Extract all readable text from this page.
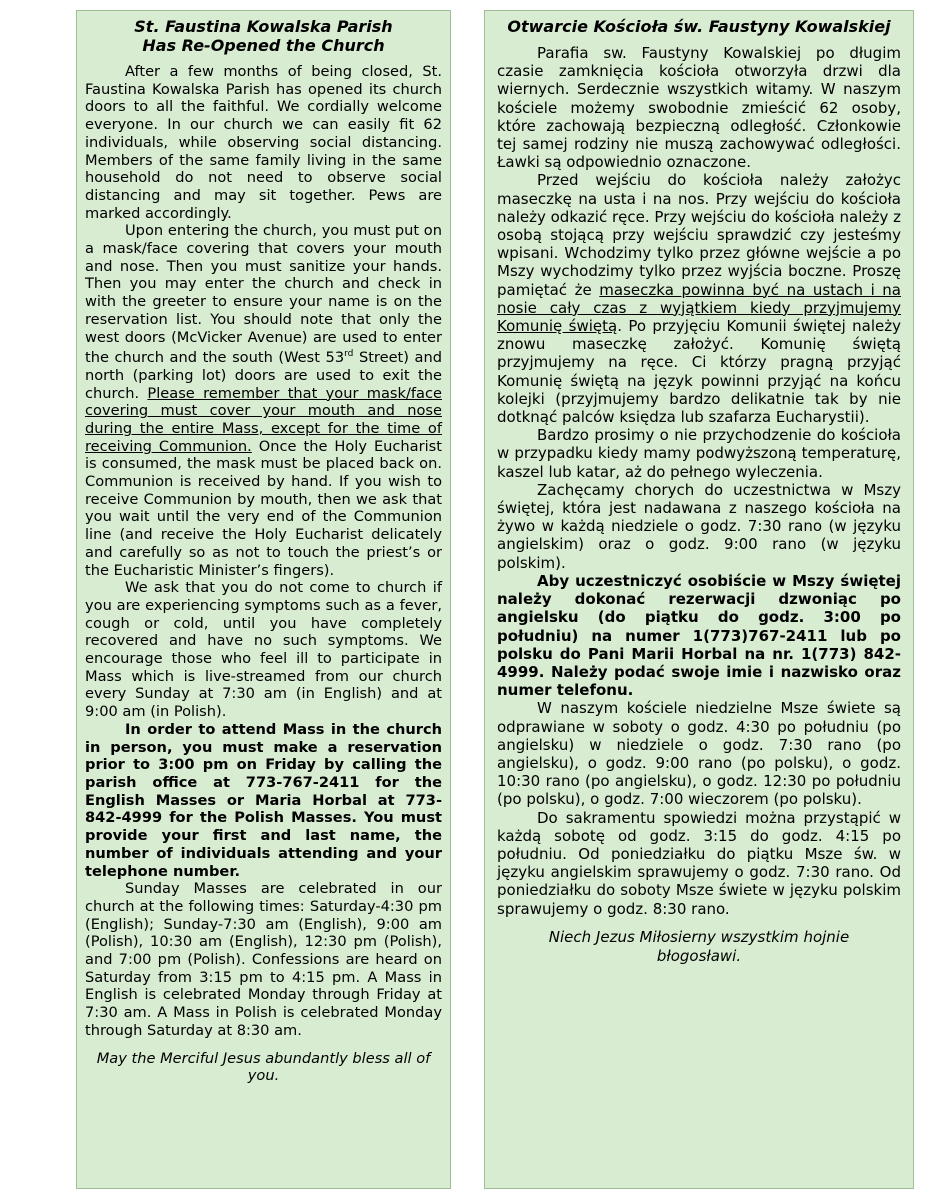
St. Faustina Kowalska Parish
Has Re-Opened the Church

After a few months of being closed, St. Faustina Kowalska Parish has opened its church doors to all the faithful. We cordially welcome everyone. In our church we can easily fit 62 individuals, while observing social distancing. Members of the same family living in the same household do not need to observe social distancing and may sit together. Pews are marked accordingly.

Upon entering the church, you must put on a mask/face covering that covers your mouth and nose. Then you must sanitize your hands. Then you may enter the church and check in with the greeter to ensure your name is on the reservation list. You should note that only the west doors (McVicker Avenue) are used to enter the church and the south (West 53rd Street) and north (parking lot) doors are used to exit the church. Please remember that your mask/face covering must cover your mouth and nose during the entire Mass, except for the time of receiving Communion. Once the Holy Eucharist is consumed, the mask must be placed back on. Communion is received by hand. If you wish to receive Communion by mouth, then we ask that you wait until the very end of the Communion line (and receive the Holy Eucharist delicately and carefully so as not to touch the priest’s or the Eucharistic Minister’s fingers).

We ask that you do not come to church if you are experiencing symptoms such as a fever, cough or cold, until you have completely recovered and have no such symptoms. We encourage those who feel ill to participate in Mass which is live-streamed from our church every Sunday at 7:30 am (in English) and at 9:00 am (in Polish).

In order to attend Mass in the church in person, you must make a reservation prior to 3:00 pm on Friday by calling the parish office at 773-767-2411 for the English Masses or Maria Horbal at 773-842-4999 for the Polish Masses. You must provide your first and last name, the number of individuals attending and your telephone number.

Sunday Masses are celebrated in our church at the following times: Saturday-4:30 pm (English); Sunday-7:30 am (English), 9:00 am (Polish), 10:30 am (English), 12:30 pm (Polish), and 7:00 pm (Polish). Confessions are heard on Saturday from 3:15 pm to 4:15 pm. A Mass in English is celebrated Monday through Friday at 7:30 am. A Mass in Polish is celebrated Monday through Saturday at 8:30 am.

May the Merciful Jesus abundantly bless all of you.

Otwarcie Kościoła św. Faustyny Kowalskiej

Parafia sw. Faustyny Kowalskiej po długim czasie zamknięcia kościoła otworzyła drzwi dla wiernych. Serdecznie wszystkich witamy. W naszym kościele możemy swobodnie zmieścić 62 osoby, które zachowają bezpieczną odległość. Członkowie tej samej rodziny nie muszą zachowywać odległości. Ławki są odpowiednio oznaczone.

Przed wejściu do kościoła należy założyc maseczkę na usta i na nos. Przy wejściu do kościoła należy odkazić ręce. Przy wejściu do kościoła należy z osobą stojącą przy wejściu sprawdzić czy jesteśmy wpisani. Wchodzimy tylko przez główne wejście a po Mszy wychodzimy tylko przez wyjścia boczne. Proszę pamiętać że maseczka powinna być na ustach i na nosie cały czas z wyjątkiem kiedy przyjmujemy Komunię świętą. Po przyjęciu Komunii świętej należy znowu maseczkę założyć. Komunię świętą przyjmujemy na ręce. Ci którzy pragną przyjąć Komunię świętą na język powinni przyjąć na końcu kolejki (przyjmujemy bardzo delikatnie tak by nie dotknąć palców księdza lub szafarza Eucharystii).

Bardzo prosimy o nie przychodzenie do kościoła w przypadku kiedy mamy podwyższoną temperaturę, kaszel lub katar, aż do pełnego wyleczenia.

Zachęcamy chorych do uczestnictwa w Mszy świętej, która jest nadawana z naszego kościoła na żywo w każdą niedziele o godz. 7:30 rano (w języku angielskim) oraz o godz. 9:00 rano (w języku polskim).

Aby uczestniczyć osobiście w Mszy świętej należy dokonać rezerwacji dzwoniąc po angielsku (do piątku do godz. 3:00 po południu) na numer 1(773)767-2411 lub po polsku do Pani Marii Horbal na nr. 1(773) 842-4999. Należy podać swoje imie i nazwisko oraz numer telefonu.

W naszym kościele niedzielne Msze świete są odprawiane w soboty o godz. 4:30 po południu (po angielsku) w niedziele o godz. 7:30 rano (po angielsku), o godz. 9:00 rano (po polsku), o godz. 10:30 rano (po angielsku), o godz. 12:30 po południu (po polsku), o godz. 7:00 wieczorem (po polsku).

Do sakramentu spowiedzi można przystąpić w każdą sobotę od godz. 3:15 do godz. 4:15 po południu. Od poniedziałku do piątku Msze św. w języku angielskim sprawujemy o godz. 7:30 rano. Od poniedziałku do soboty Msze świete w języku polskim sprawujemy o godz. 8:30 rano.

Niech Jezus Miłosierny wszystkim hojnie
błogosławi.
